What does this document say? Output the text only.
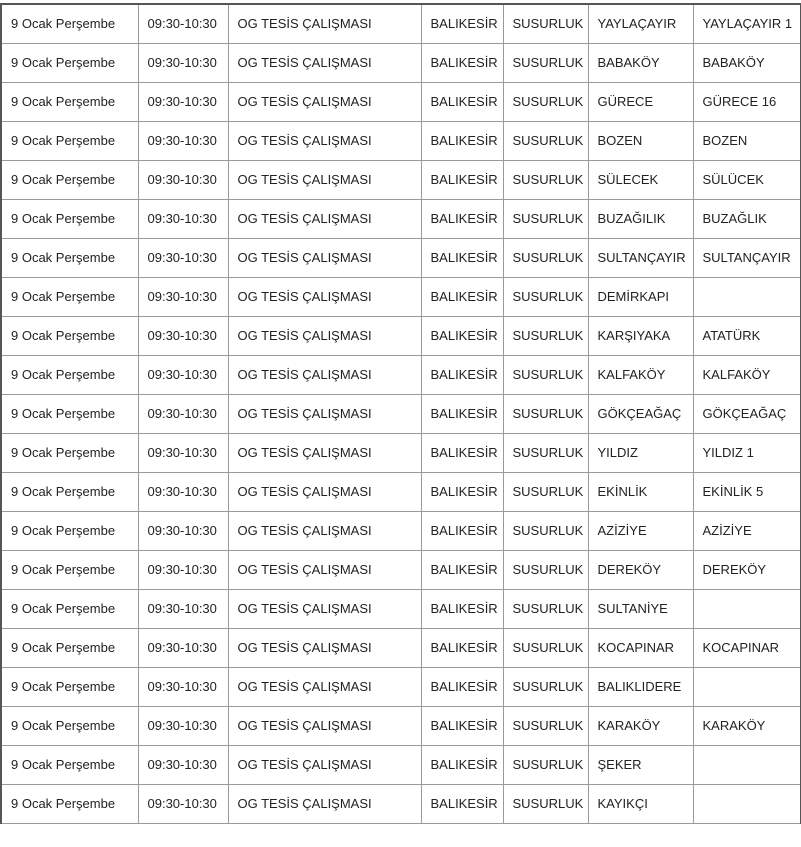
9 Ocak Perşembe	09:30-10:30	OG TESİS ÇALIŞMASI	BALIKESİR	SUSURLUK	YAYLAÇAYIR	YAYLAÇAYIR 1
9 Ocak Perşembe	09:30-10:30	OG TESİS ÇALIŞMASI	BALIKESİR	SUSURLUK	BABAKÖY	BABAKÖY
9 Ocak Perşembe	09:30-10:30	OG TESİS ÇALIŞMASI	BALIKESİR	SUSURLUK	GÜRECE	GÜRECE 16
9 Ocak Perşembe	09:30-10:30	OG TESİS ÇALIŞMASI	BALIKESİR	SUSURLUK	BOZEN	BOZEN
9 Ocak Perşembe	09:30-10:30	OG TESİS ÇALIŞMASI	BALIKESİR	SUSURLUK	SÜLECEK	SÜLÜCEK
9 Ocak Perşembe	09:30-10:30	OG TESİS ÇALIŞMASI	BALIKESİR	SUSURLUK	BUZAĞILIK	BUZAĞLIK
9 Ocak Perşembe	09:30-10:30	OG TESİS ÇALIŞMASI	BALIKESİR	SUSURLUK	SULTANÇAYIR	SULTANÇAYIR
9 Ocak Perşembe	09:30-10:30	OG TESİS ÇALIŞMASI	BALIKESİR	SUSURLUK	DEMİRKAPI	
9 Ocak Perşembe	09:30-10:30	OG TESİS ÇALIŞMASI	BALIKESİR	SUSURLUK	KARŞIYAKA	ATATÜRK
9 Ocak Perşembe	09:30-10:30	OG TESİS ÇALIŞMASI	BALIKESİR	SUSURLUK	KALFAKÖY	KALFAKÖY
9 Ocak Perşembe	09:30-10:30	OG TESİS ÇALIŞMASI	BALIKESİR	SUSURLUK	GÖKÇEAĞAÇ	GÖKÇEAĞAÇ
9 Ocak Perşembe	09:30-10:30	OG TESİS ÇALIŞMASI	BALIKESİR	SUSURLUK	YILDIZ	YILDIZ 1
9 Ocak Perşembe	09:30-10:30	OG TESİS ÇALIŞMASI	BALIKESİR	SUSURLUK	EKİNLİK	EKİNLİK 5
9 Ocak Perşembe	09:30-10:30	OG TESİS ÇALIŞMASI	BALIKESİR	SUSURLUK	AZİZİYE	AZİZİYE
9 Ocak Perşembe	09:30-10:30	OG TESİS ÇALIŞMASI	BALIKESİR	SUSURLUK	DEREKÖY	DEREKÖY
9 Ocak Perşembe	09:30-10:30	OG TESİS ÇALIŞMASI	BALIKESİR	SUSURLUK	SULTANİYE	
9 Ocak Perşembe	09:30-10:30	OG TESİS ÇALIŞMASI	BALIKESİR	SUSURLUK	KOCAPINAR	KOCAPINAR
9 Ocak Perşembe	09:30-10:30	OG TESİS ÇALIŞMASI	BALIKESİR	SUSURLUK	BALIKLIDERE	
9 Ocak Perşembe	09:30-10:30	OG TESİS ÇALIŞMASI	BALIKESİR	SUSURLUK	KARAKÖY	KARAKÖY
9 Ocak Perşembe	09:30-10:30	OG TESİS ÇALIŞMASI	BALIKESİR	SUSURLUK	ŞEKER	
9 Ocak Perşembe	09:30-10:30	OG TESİS ÇALIŞMASI	BALIKESİR	SUSURLUK	KAYIKÇI	
